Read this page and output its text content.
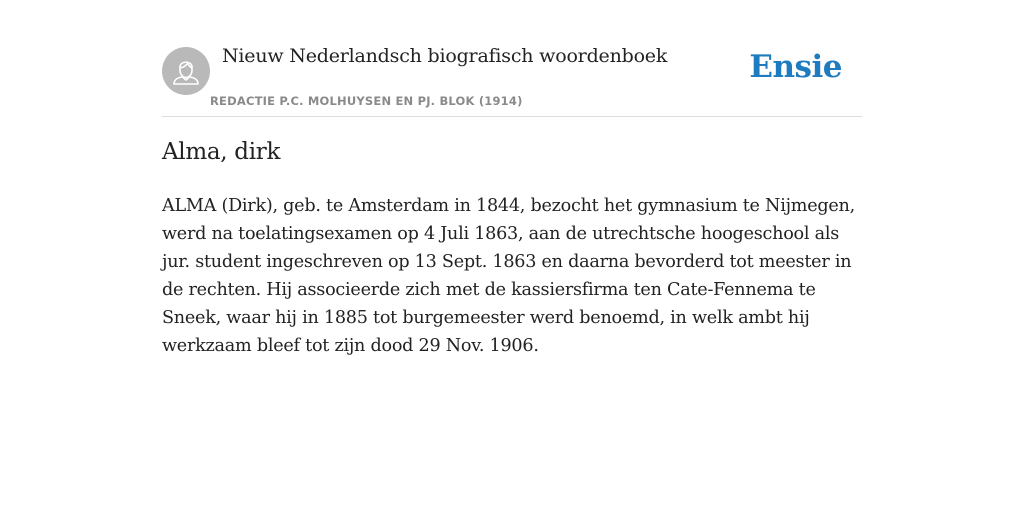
Nieuw Nederlandsch biografisch woordenboek
REDACTIE P.C. MOLHUYSEN EN PJ. BLOK (1914)
Ensie
Alma, dirk

ALMA (Dirk), geb. te Amsterdam in 1844, bezocht het gymnasium te Nijmegen, werd na toelatingsexamen op 4 Juli 1863, aan de utrechtsche hoogeschool als jur. student ingeschreven op 13 Sept. 1863 en daarna bevorderd tot meester in de rechten. Hij associeerde zich met de kassiersfirma ten Cate-Fennema te Sneek, waar hij in 1885 tot burgemeester werd benoemd, in welk ambt hij werkzaam bleef tot zijn dood 29 Nov. 1906.
